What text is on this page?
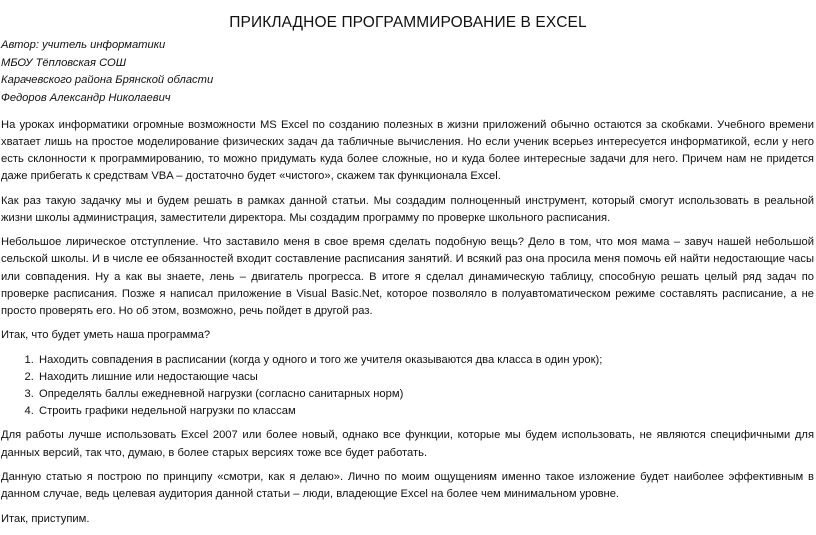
ПРИКЛАДНОЕ ПРОГРАММИРОВАНИЕ В EXCEL
Автор: учитель информатики
МБОУ Тёпловская СОШ
Карачевского района Брянской области
Федоров Александр Николаевич

На уроках информатики огромные возможности MS Excel по созданию полезных в жизни приложений обычно остаются за скобками. Учебного времени хватает лишь на простое моделирование физических задач да табличные вычисления. Но если ученик всерьез интересуется информатикой, если у него есть склонности к программированию, то можно придумать куда более сложные, но и куда более интересные задачи для него. Причем нам не придется даже прибегать к средствам VBA – достаточно будет «чистого», скажем так функционала Excel.

Как раз такую задачку мы и будем решать в рамках данной статьи. Мы создадим полноценный инструмент, который смогут использовать в реальной жизни школы администрация, заместители директора. Мы создадим программу по проверке школьного расписания.

Небольшое лирическое отступление. Что заставило меня в свое время сделать подобную вещь? Дело в том, что моя мама – завуч нашей небольшой сельской школы. И в числе ее обязанностей входит составление расписания занятий. И всякий раз она просила меня помочь ей найти недостающие часы или совпадения. Ну а как вы знаете, лень – двигатель прогресса. В итоге я сделал динамическую таблицу, способную решать целый ряд задач по проверке расписания. Позже я написал приложение в Visual Basic.Net, которое позволяло в полуавтоматическом режиме составлять расписание, а не просто проверять его. Но об этом, возможно, речь пойдет в другой раз.

Итак, что будет уметь наша программа?

1. Находить совпадения в расписании (когда у одного и того же учителя оказываются два класса в один урок);
2. Находить лишние или недостающие часы
3. Определять баллы ежедневной нагрузки (согласно санитарных норм)
4. Строить графики недельной нагрузки по классам

Для работы лучше использовать Excel 2007 или более новый, однако все функции, которые мы будем использовать, не являются специфичными для данных версий, так что, думаю, в более старых версиях тоже все будет работать.

Данную статью я построю по принципу «смотри, как я делаю». Лично по моим ощущениям именно такое изложение будет наиболее эффективным в данном случае, ведь целевая аудитория данной статьи – люди, владеющие Excel на более чем минимальном уровне.

Итак, приступим.
